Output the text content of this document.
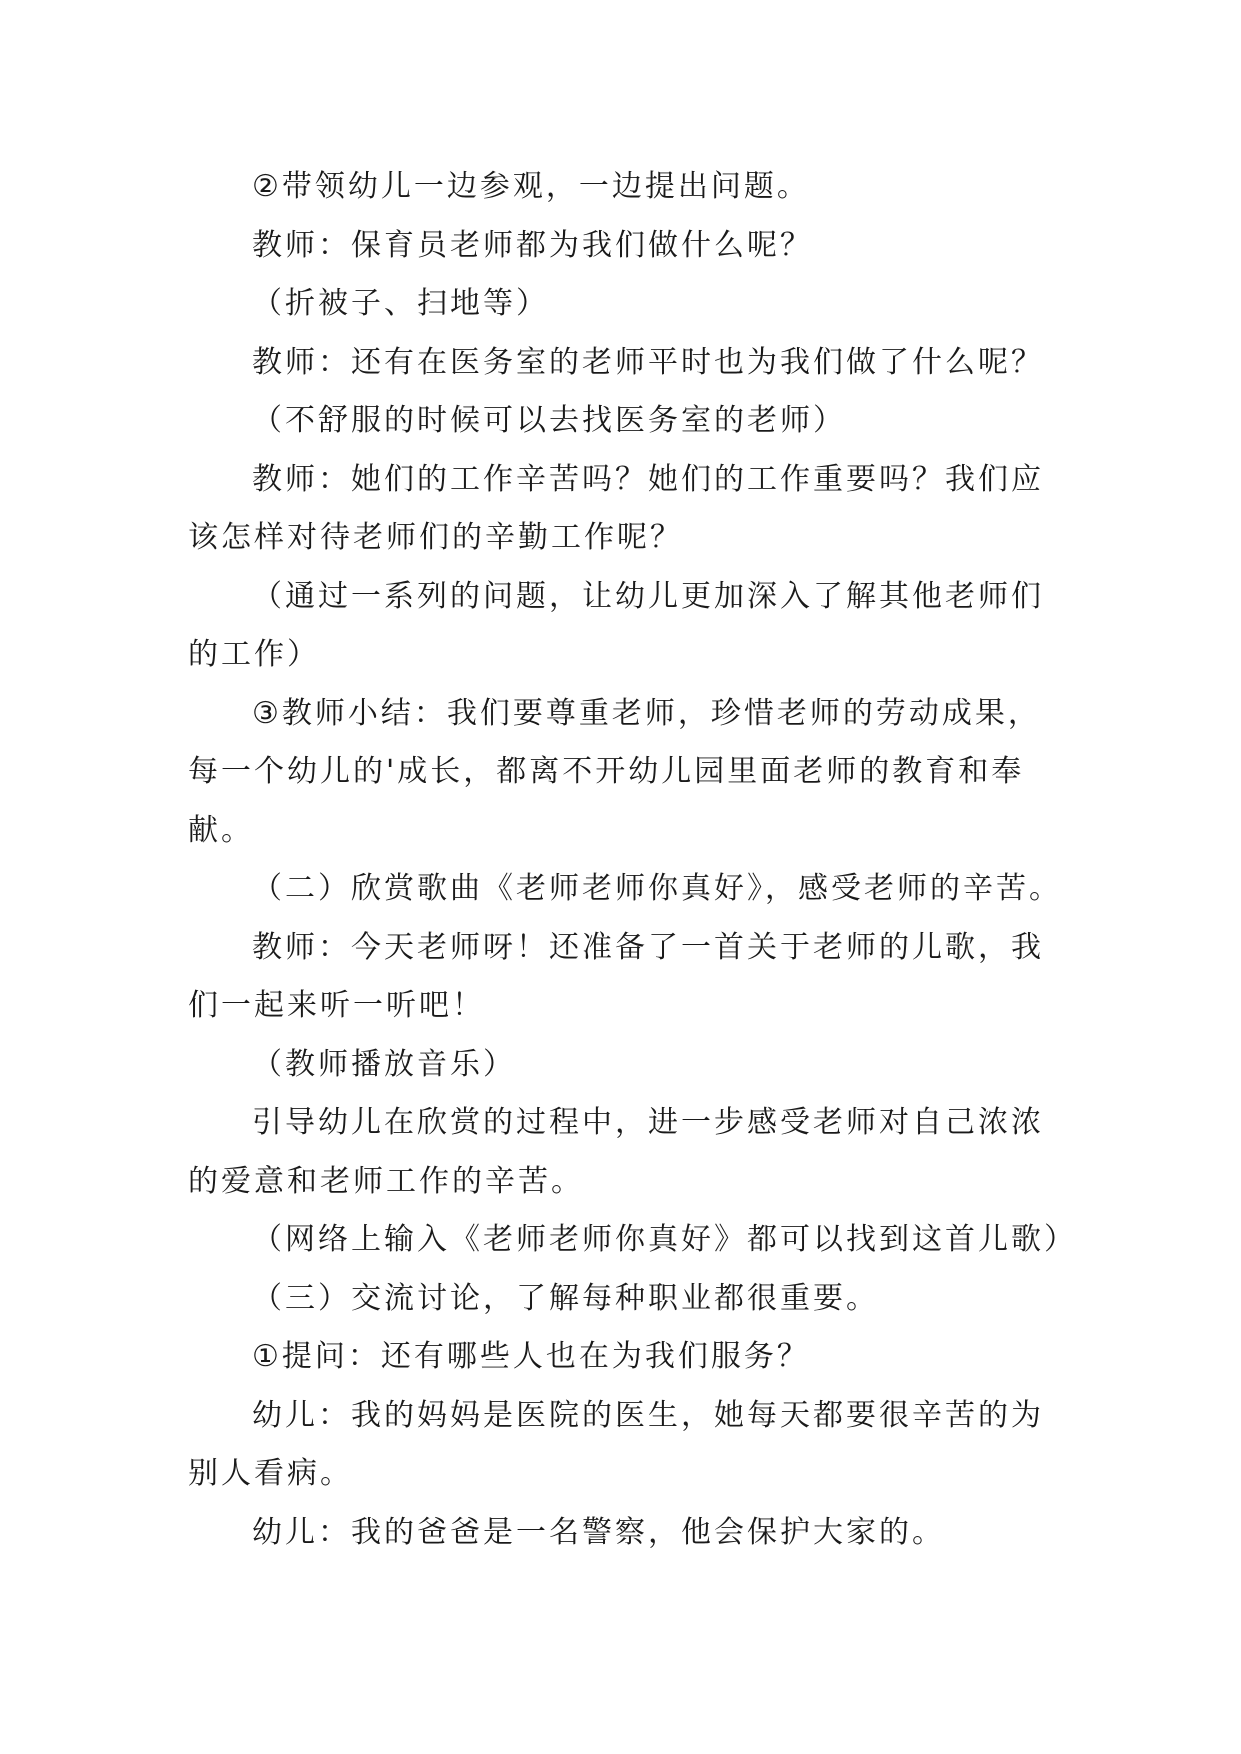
②带领幼儿一边参观，一边提出问题。

教师：保育员老师都为我们做什么呢？

（折被子、扫地等）

教师：还有在医务室的老师平时也为我们做了什么呢？

（不舒服的时候可以去找医务室的老师）

教师：她们的工作辛苦吗？她们的工作重要吗？我们应该怎样对待老师们的辛勤工作呢？

（通过一系列的问题，让幼儿更加深入了解其他老师们的工作）

③教师小结：我们要尊重老师，珍惜老师的劳动成果，每一个幼儿的'成长，都离不开幼儿园里面老师的教育和奉献。

（二）欣赏歌曲《老师老师你真好》，感受老师的辛苦。

教师：今天老师呀！还准备了一首关于老师的儿歌，我们一起来听一听吧！

（教师播放音乐）

引导幼儿在欣赏的过程中，进一步感受老师对自己浓浓的爱意和老师工作的辛苦。

（网络上输入《老师老师你真好》都可以找到这首儿歌）

（三）交流讨论，了解每种职业都很重要。

①提问：还有哪些人也在为我们服务？

幼儿：我的妈妈是医院的医生，她每天都要很辛苦的为别人看病。

幼儿：我的爸爸是一名警察，他会保护大家的。
